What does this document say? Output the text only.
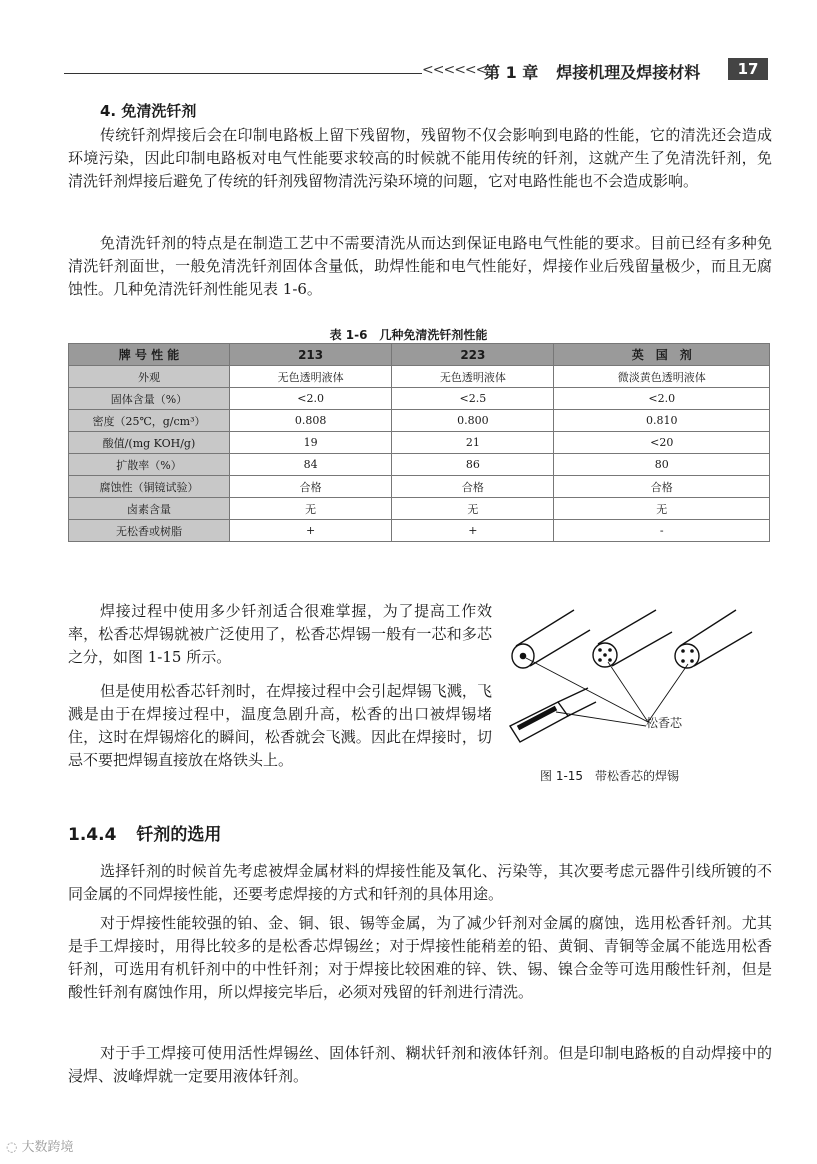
<<<<<<
第 1 章 焊接机理及焊接材料	17
4. 免清洗钎剂

传统钎剂焊接后会在印制电路板上留下残留物，残留物不仅会影响到电路的性能，它的清洗还会造成环境污染，因此印制电路板对电气性能要求较高的时候就不能用传统的钎剂，这就产生了免清洗钎剂，免清洗钎剂焊接后避免了传统的钎剂残留物清洗污染环境的问题，它对电路性能也不会造成影响。

免清洗钎剂的特点是在制造工艺中不需要清洗从而达到保证电路电气性能的要求。目前已经有多种免清洗钎剂面世，一般免清洗钎剂固体含量低，助焊性能和电气性能好，焊接作业后残留量极少，而且无腐蚀性。几种免清洗钎剂性能见表 1-6。

表 1-6　几种免清洗钎剂性能
牌 号 性 能	213	223	英　国　剂
外观	无色透明液体	无色透明液体	微淡黄色透明液体
固体含量（%）	<2.0	<2.5	<2.0
密度（25℃，g/cm³）	0.808	0.800	0.810
酸值/(mg KOH/g)	19	21	<20
扩散率（%）	84	86	80
腐蚀性（铜镜试验）	合格	合格	合格
卤素含量	无	无	无
无松香或树脂	+	+	-

焊接过程中使用多少钎剂适合很难掌握，为了提高工作效率，松香芯焊锡就被广泛使用了，松香芯焊锡一般有一芯和多芯之分，如图 1-15 所示。

但是使用松香芯钎剂时，在焊接过程中会引起焊锡飞溅，飞溅是由于在焊接过程中，温度急剧升高，松香的出口被焊锡堵住，这时在焊锡熔化的瞬间，松香就会飞溅。因此在焊接时，切忌不要把焊锡直接放在烙铁头上。

松香芯
图 1-15　带松香芯的焊锡
1.4.4 钎剂的选用

选择钎剂的时候首先考虑被焊金属材料的焊接性能及氧化、污染等，其次要考虑元器件引线所镀的不同金属的不同焊接性能，还要考虑焊接的方式和钎剂的具体用途。

对于焊接性能较强的铂、金、铜、银、锡等金属，为了减少钎剂对金属的腐蚀，选用松香钎剂。尤其是手工焊接时，用得比较多的是松香芯焊锡丝；对于焊接性能稍差的铅、黄铜、青铜等金属不能选用松香钎剂，可选用有机钎剂中的中性钎剂；对于焊接比较困难的锌、铁、锡、镍合金等可选用酸性钎剂，但是酸性钎剂有腐蚀作用，所以焊接完毕后，必须对残留的钎剂进行清洗。

对于手工焊接可使用活性焊锡丝、固体钎剂、糊状钎剂和液体钎剂。但是印制电路板的自动焊接中的浸焊、波峰焊就一定要用液体钎剂。

◌ 大数跨境
